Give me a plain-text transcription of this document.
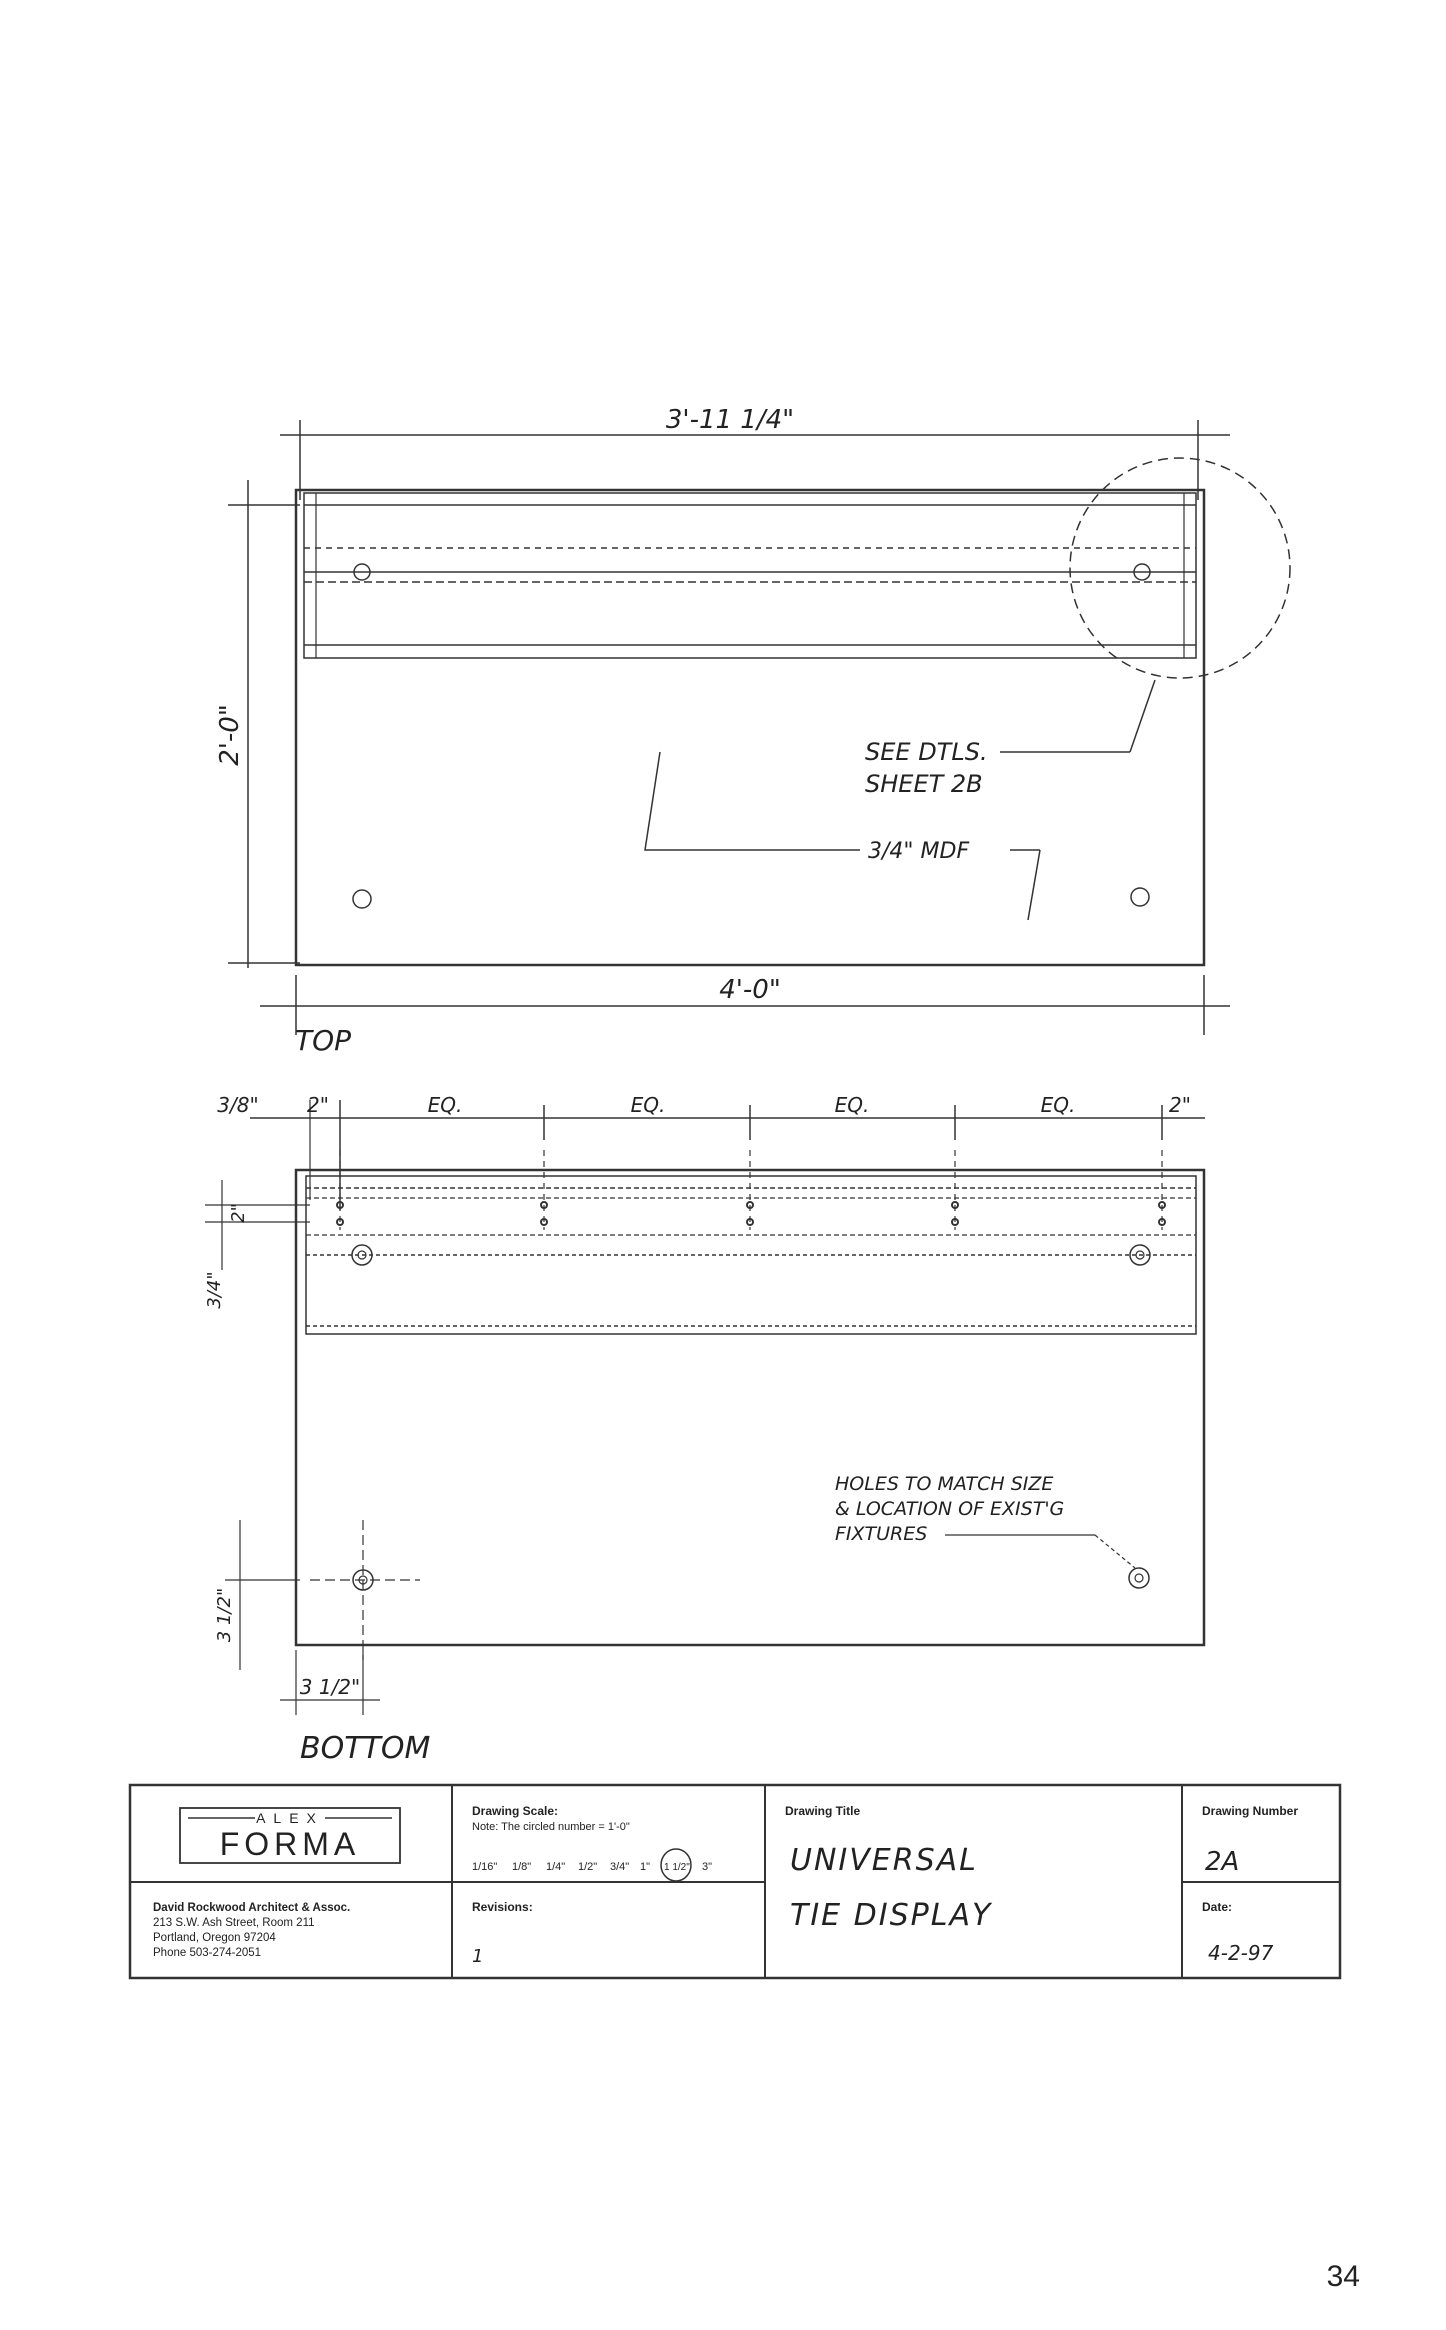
3'-11 1/4"
4'-0"
2'-0"	SEE DTLS.
SHEET 2B
3/4" MDF
TOP
3/8" 2"	EQ.	EQ.	EQ.	EQ.	2"
3/4"
2"
3 1/2"
3 1/2"
HOLES TO MATCH SIZE
& LOCATION OF EXIST'G
FIXTURES
BOTTOM
ALEX
FORMA
David Rockwood Architect & Assoc.
213 S.W. Ash Street, Room 211
Portland, Oregon 97204
Phone 503-274-2051
Drawing Scale:
Note: The circled number = 1'-0"
1/16" 1/8" 1/4" 1/2" 3/4" 1" 1 1/2" 3"
Revisions:
1
Drawing Title
UNIVERSAL
TIE DISPLAY
Drawing Number
2A
Date:
4-2-97
34
